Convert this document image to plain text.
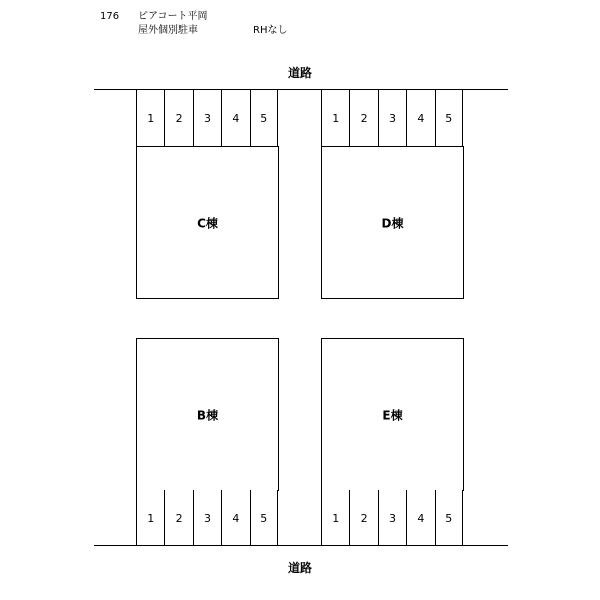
176 ピアコート平岡
屋外個別駐車	RHなし
道路
1	2	3	4	5
C棟
1	2	3	4	5
D棟
B棟
1	2	3	4	5
E棟
1	2	3	4	5
道路
